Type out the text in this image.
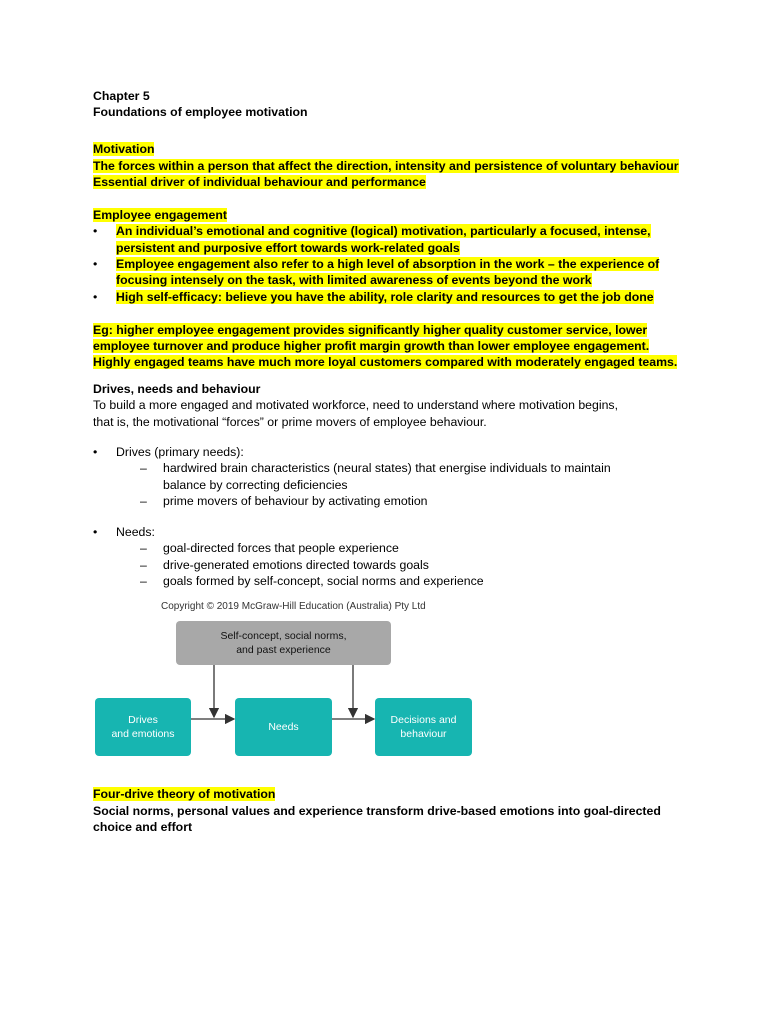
Chapter 5
Foundations of employee motivation
Motivation
The forces within a person that affect the direction, intensity and persistence of voluntary behaviour
Essential driver of individual behaviour and performance
Employee engagement
• An individual’s emotional and cognitive (logical) motivation, particularly a focused, intense,
persistent and purposive effort towards work-related goals
• Employee engagement also refer to a high level of absorption in the work – the experience of
focusing intensely on the task, with limited awareness of events beyond the work
• High self-efficacy: believe you have the ability, role clarity and resources to get the job done
Eg: higher employee engagement provides significantly higher quality customer service, lower
employee turnover and produce higher profit margin growth than lower employee engagement.
Highly engaged teams have much more loyal customers compared with moderately engaged teams.
Drives, needs and behaviour
To build a more engaged and motivated workforce, need to understand where motivation begins,
that is, the motivational “forces” or prime movers of employee behaviour.
• Drives (primary needs):
– hardwired brain characteristics (neural states) that energise individuals to maintain
balance by correcting deficiencies
– prime movers of behaviour by activating emotion
• Needs:
– goal-directed forces that people experience
– drive-generated emotions directed towards goals
– goals formed by self-concept, social norms and experience
Copyright © 2019 McGraw-Hill Education (Australia) Pty Ltd
Self-concept, social norms,
and past experience
Drives
and emotions
Needs
Decisions and
behaviour
Four-drive theory of motivation
Social norms, personal values and experience transform drive-based emotions into goal-directed
choice and effort
